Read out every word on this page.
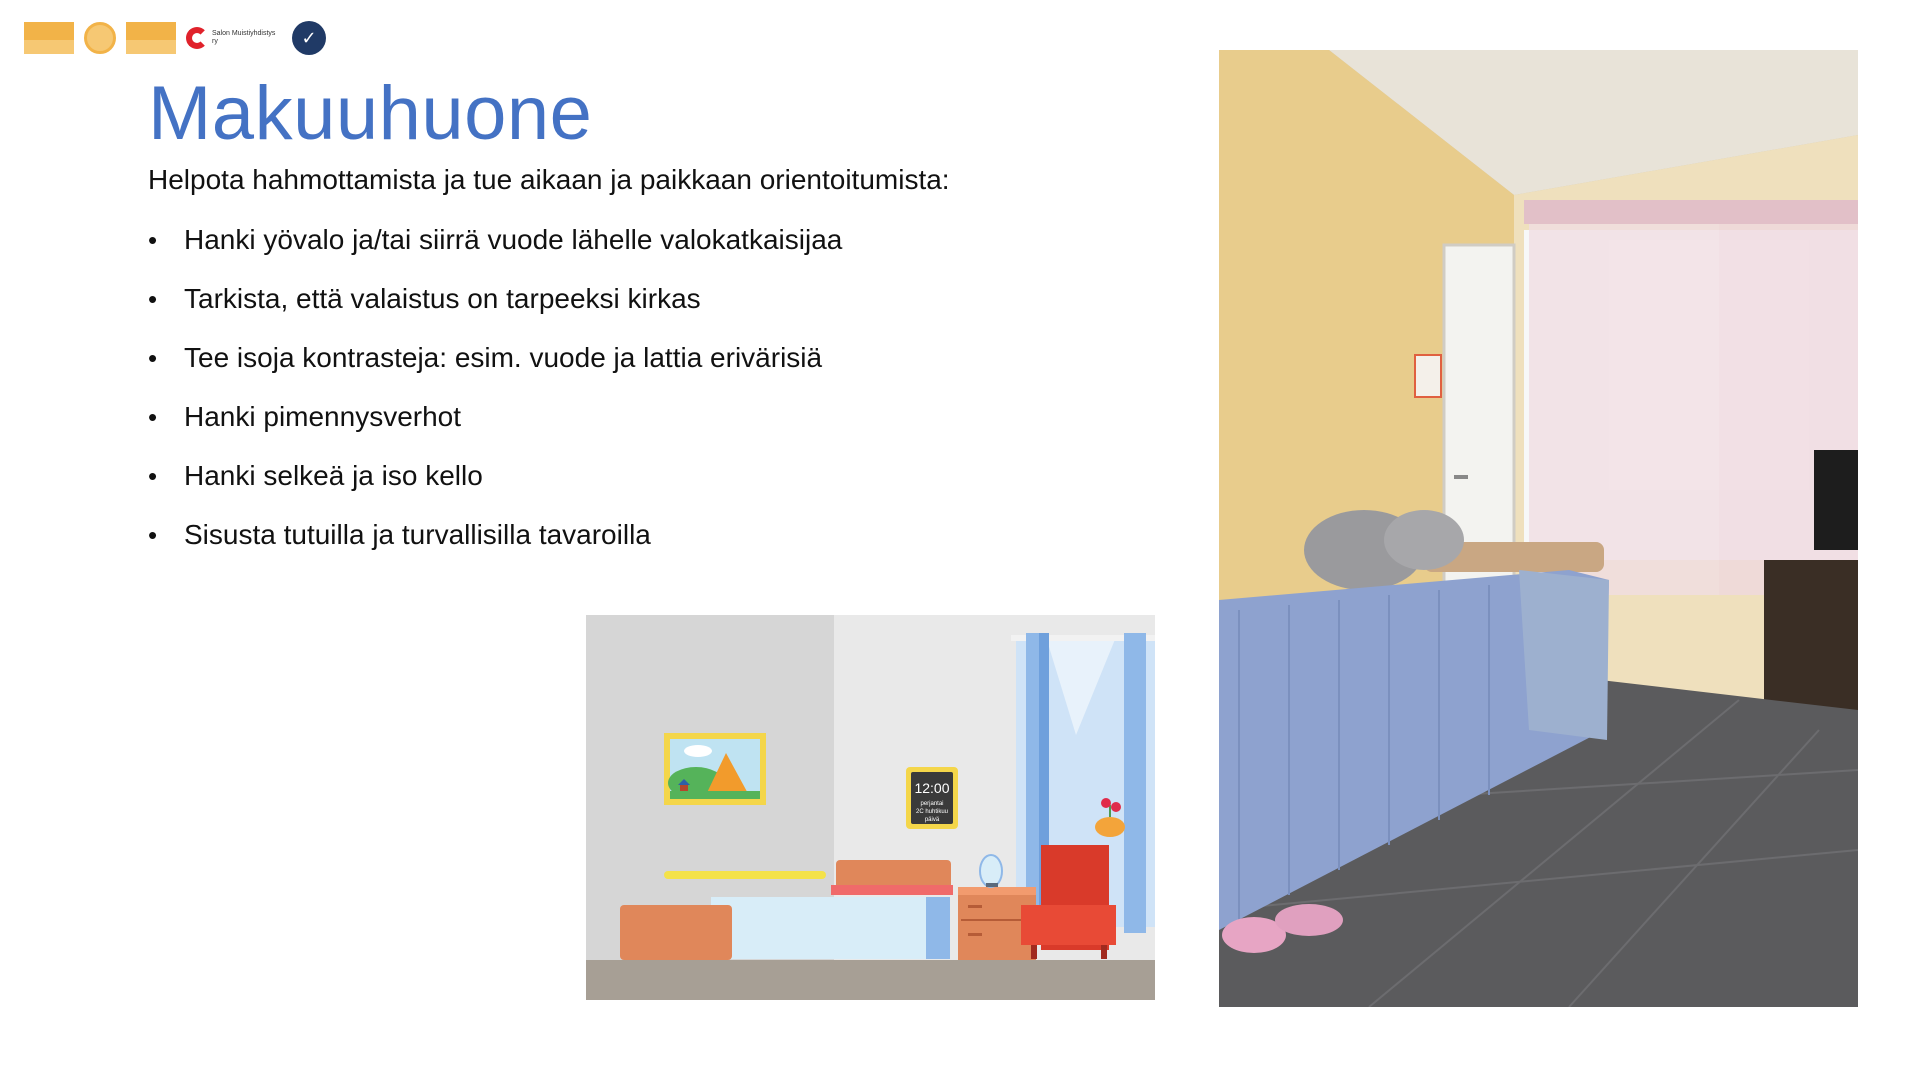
Salon Muistiyhdistys ry	✓
Makuuhuone

Helpota hahmottamista ja tue aikaan ja paikkaan orientoitumista:

• Hanki yövalo ja/tai siirrä vuode lähelle valokatkaisijaa
• Tarkista, että valaistus on tarpeeksi kirkas
• Tee isoja kontrasteja: esim. vuode ja lattia erivärisiä
• Hanki pimennysverhot
• Hanki selkeä ja iso kello
• Sisusta tutuilla ja turvallisilla tavaroilla
12:00
perjantai
2C huhtikuu
päivä
